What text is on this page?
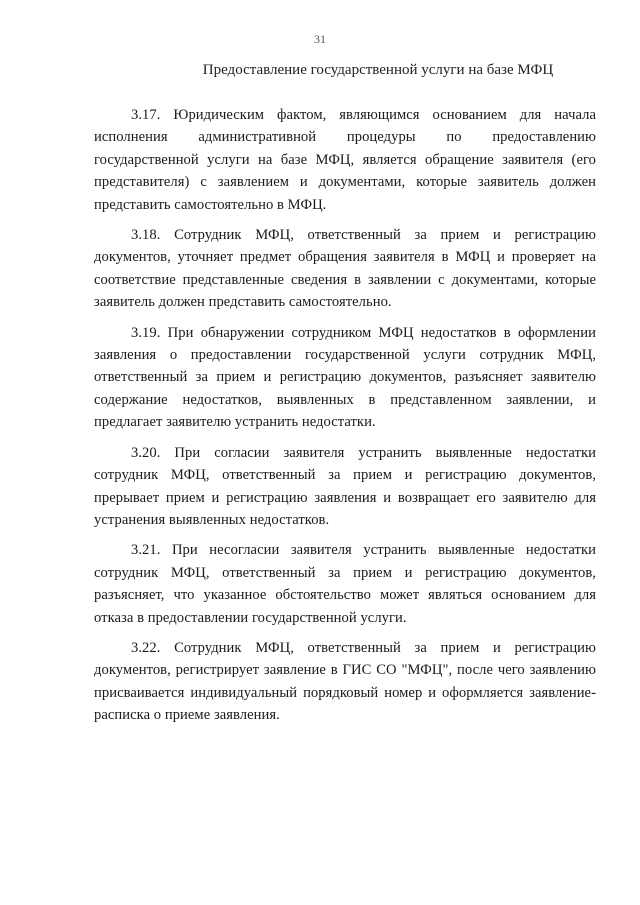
31
Предоставление государственной услуги на базе МФЦ

3.17. Юридическим фактом, являющимся основанием для начала исполнения административной процедуры по предоставлению государственной услуги на базе МФЦ, является обращение заявителя (его представителя) с заявлением и документами, которые заявитель должен представить самостоятельно в МФЦ.

3.18. Сотрудник МФЦ, ответственный за прием и регистрацию документов, уточняет предмет обращения заявителя в МФЦ и проверяет на соответствие представленные сведения в заявлении с документами, которые заявитель должен представить самостоятельно.

3.19. При обнаружении сотрудником МФЦ недостатков в оформлении заявления о предоставлении государственной услуги сотрудник МФЦ, ответственный за прием и регистрацию документов, разъясняет заявителю содержание недостатков, выявленных в представленном заявлении, и предлагает заявителю устранить недостатки.

3.20. При согласии заявителя устранить выявленные недостатки сотрудник МФЦ, ответственный за прием и регистрацию документов, прерывает прием и регистрацию заявления и возвращает его заявителю для устранения выявленных недостатков.

3.21. При несогласии заявителя устранить выявленные недостатки сотрудник МФЦ, ответственный за прием и регистрацию документов, разъясняет, что указанное обстоятельство может являться основанием для отказа в предоставлении государственной услуги.

3.22. Сотрудник МФЦ, ответственный за прием и регистрацию документов, регистрирует заявление в ГИС СО "МФЦ", после чего заявлению присваивается индивидуальный порядковый номер и оформляется заявление-расписка о приеме заявления.
